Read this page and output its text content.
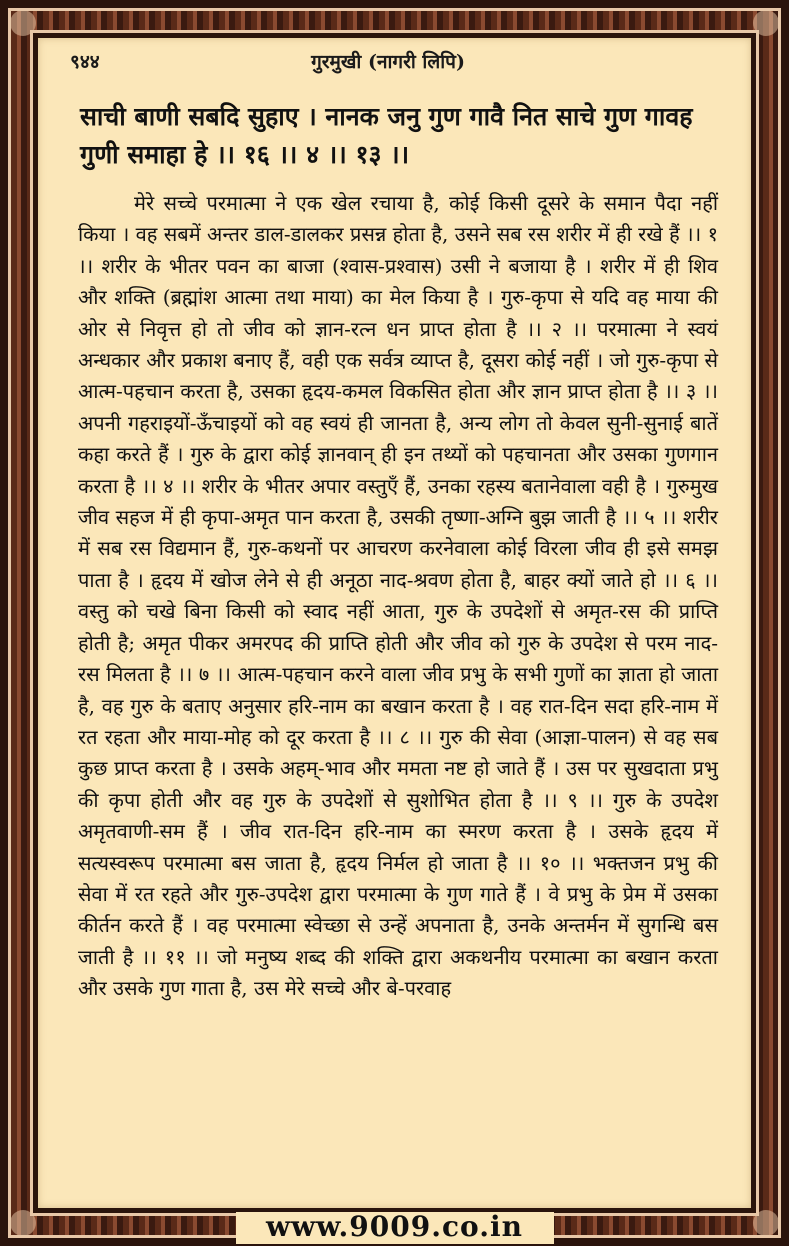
९४४	गुरमुखी (नागरी लिपि)
साची बाणी सबदि सुहाए । नानक जनु गुण गावै नित साचे गुण गावह गुणी समाहा हे ।। १६ ।। ४ ।। १३ ।।
मेरे सच्चे परमात्मा ने एक खेल रचाया है, कोई किसी दूसरे के समान पैदा नहीं किया । वह सबमें अन्तर डाल-डालकर प्रसन्न होता है, उसने सब रस शरीर में ही रखे हैं ।। १ ।। शरीर के भीतर पवन का बाजा (श्वास-प्रश्वास) उसी ने बजाया है । शरीर में ही शिव और शक्ति (ब्रह्मांश आत्मा तथा माया) का मेल किया है । गुरु-कृपा से यदि वह माया की ओर से निवृत्त हो तो जीव को ज्ञान-रत्न धन प्राप्त होता है ।। २ ।। परमात्मा ने स्वयं अन्धकार और प्रकाश बनाए हैं, वही एक सर्वत्र व्याप्त है, दूसरा कोई नहीं । जो गुरु-कृपा से आत्म-पहचान करता है, उसका हृदय-कमल विकसित होता और ज्ञान प्राप्त होता है ।। ३ ।। अपनी गहराइयों-ऊँचाइयों को वह स्वयं ही जानता है, अन्य लोग तो केवल सुनी-सुनाई बातें कहा करते हैं । गुरु के द्वारा कोई ज्ञानवान् ही इन तथ्यों को पहचानता और उसका गुणगान करता है ।। ४ ।। शरीर के भीतर अपार वस्तुएँ हैं, उनका रहस्य बतानेवाला वही है । गुरुमुख जीव सहज में ही कृपा-अमृत पान करता है, उसकी तृष्णा-अग्नि बुझ जाती है ।। ५ ।। शरीर में सब रस विद्यमान हैं, गुरु-कथनों पर आचरण करनेवाला कोई विरला जीव ही इसे समझ पाता है । हृदय में खोज लेने से ही अनूठा नाद-श्रवण होता है, बाहर क्यों जाते हो ।। ६ ।। वस्तु को चखे बिना किसी को स्वाद नहीं आता, गुरु के उपदेशों से अमृत-रस की प्राप्ति होती है; अमृत पीकर अमरपद की प्राप्ति होती और जीव को गुरु के उपदेश से परम नाद-रस मिलता है ।। ७ ।। आत्म-पहचान करने वाला जीव प्रभु के सभी गुणों का ज्ञाता हो जाता है, वह गुरु के बताए अनुसार हरि-नाम का बखान करता है । वह रात-दिन सदा हरि-नाम में रत रहता और माया-मोह को दूर करता है ।। ८ ।। गुरु की सेवा (आज्ञा-पालन) से वह सब कुछ प्राप्त करता है । उसके अहम्-भाव और ममता नष्ट हो जाते हैं । उस पर सुखदाता प्रभु की कृपा होती और वह गुरु के उपदेशों से सुशोभित होता है ।। ९ ।। गुरु के उपदेश अमृतवाणी-सम हैं । जीव रात-दिन हरि-नाम का स्मरण करता है । उसके हृदय में सत्यस्वरूप परमात्मा बस जाता है, हृदय निर्मल हो जाता है ।। १० ।। भक्तजन प्रभु की सेवा में रत रहते और गुरु-उपदेश द्वारा परमात्मा के गुण गाते हैं । वे प्रभु के प्रेम में उसका कीर्तन करते हैं । वह परमात्मा स्वेच्छा से उन्हें अपनाता है, उनके अन्तर्मन में सुगन्धि बस जाती है ।। ११ ।। जो मनुष्य शब्द की शक्ति द्वारा अकथनीय परमात्मा का बखान करता और उसके गुण गाता है, उस मेरे सच्चे और बे-परवाह
www.9009.co.in
